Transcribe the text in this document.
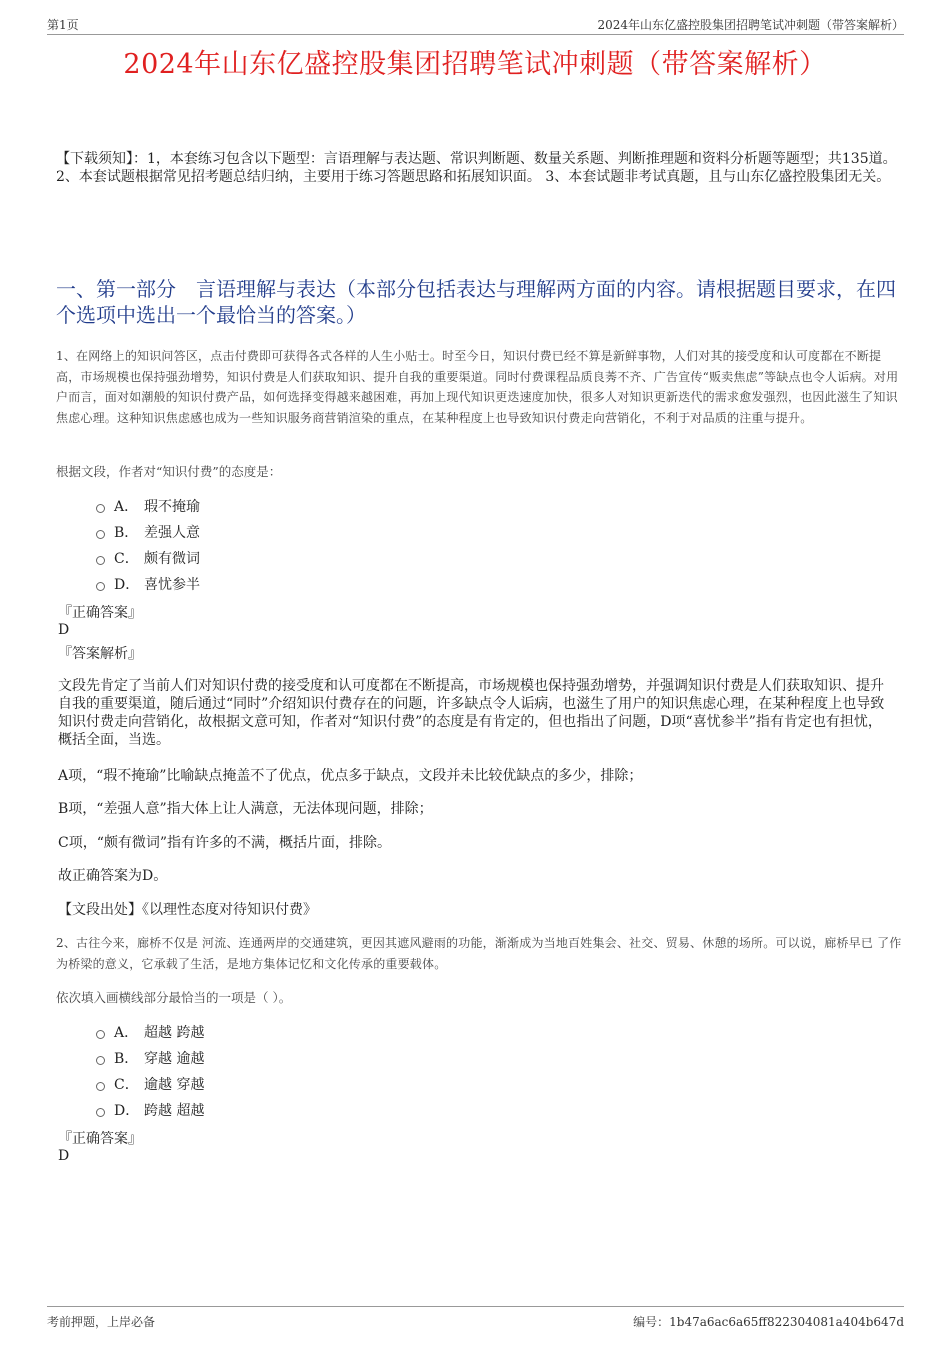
第1页	2024年山东亿盛控股集团招聘笔试冲刺题（带答案解析）
2024年山东亿盛控股集团招聘笔试冲刺题（带答案解析）
【下载须知】：1，本套练习包含以下题型：言语理解与表达题、常识判断题、数量关系题、判断推理题和资料分析题等题型；共135道。 2、本套试题根据常见招考题总结归纳，主要用于练习答题思路和拓展知识面。 3、本套试题非考试真题，且与山东亿盛控股集团无关。
一、第一部分　言语理解与表达（本部分包括表达与理解两方面的内容。请根据题目要求，在四个选项中选出一个最恰当的答案。）
1、在网络上的知识问答区，点击付费即可获得各式各样的人生小贴士。时至今日，知识付费已经不算是新鲜事物，人们对其的接受度和认可度都在不断提高，市场规模也保持强劲增势，知识付费是人们获取知识、提升自我的重要渠道。同时付费课程品质良莠不齐、广告宣传“贩卖焦虑”等缺点也令人诟病。对用户而言，面对如潮般的知识付费产品，如何选择变得越来越困难，再加上现代知识更迭速度加快，很多人对知识更新迭代的需求愈发强烈，也因此滋生了知识焦虑心理。这种知识焦虑感也成为一些知识服务商营销渲染的重点，在某种程度上也导致知识付费走向营销化，不利于对品质的注重与提升。
根据文段，作者对“知识付费”的态度是：
A． 瑕不掩瑜
B． 差强人意
C． 颇有微词
D． 喜忧参半
『正确答案』
D
『答案解析』
文段先肯定了当前人们对知识付费的接受度和认可度都在不断提高，市场规模也保持强劲增势，并强调知识付费是人们获取知识、提升自我的重要渠道，随后通过“同时”介绍知识付费存在的问题，许多缺点令人诟病，也滋生了用户的知识焦虑心理，在某种程度上也导致知识付费走向营销化，故根据文意可知，作者对“知识付费”的态度是有肯定的，但也指出了问题，D项“喜忧参半”指有肯定也有担忧，概括全面，当选。
A项，“瑕不掩瑜”比喻缺点掩盖不了优点，优点多于缺点，文段并未比较优缺点的多少，排除；
B项，“差强人意”指大体上让人满意，无法体现问题，排除；
C项，“颇有微词”指有许多的不满，概括片面，排除。
故正确答案为D。
【文段出处】《以理性态度对待知识付费》
2、古往今来，廊桥不仅是 河流、连通两岸的交通建筑，更因其遮风避雨的功能，渐渐成为当地百姓集会、社交、贸易、休憩的场所。可以说，廊桥早已 了作为桥梁的意义，它承载了生活，是地方集体记忆和文化传承的重要载体。
依次填入画横线部分最恰当的一项是（ ）。
A． 超越 跨越
B． 穿越 逾越
C． 逾越 穿越
D． 跨越 超越
『正确答案』
D
考前押题，上岸必备	编号：1b47a6ac6a65ff822304081a404b647d
